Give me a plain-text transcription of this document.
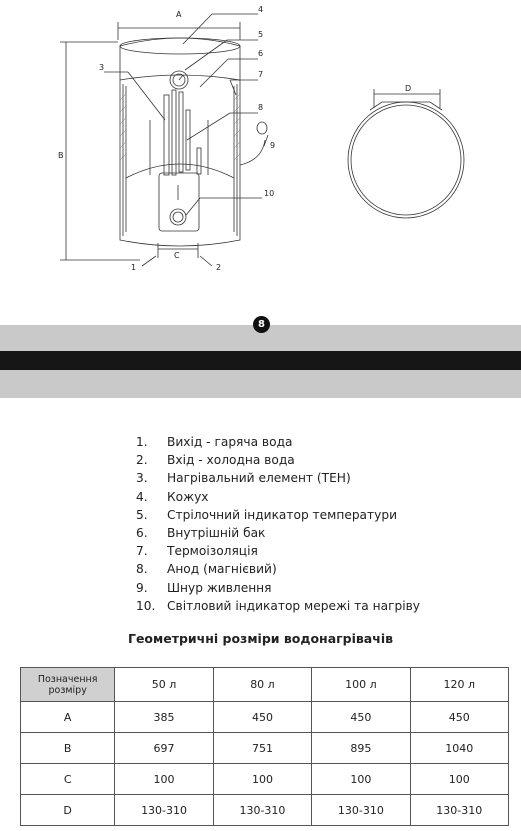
A
B
C
D
1	2
3
4
5
6
7
8
9
10
8
1. Вихід - гаряча вода
2. Вхід - холодна вода
3. Нагрівальний елемент (ТЕН)
4. Кожух
5. Стрілочний індикатор температури
6. Внутрішній бак
7. Термоізоляція
8. Анод (магнієвий)
9. Шнур живлення
10. Світловий індикатор мережі та нагріву
Геометричні розміри водонагрівачів
Позначення розміру	50 л	80 л	100 л	120 л
A	385	450	450	450
B	697	751	895	1040
C	100	100	100	100
D	130-310	130-310	130-310	130-310
